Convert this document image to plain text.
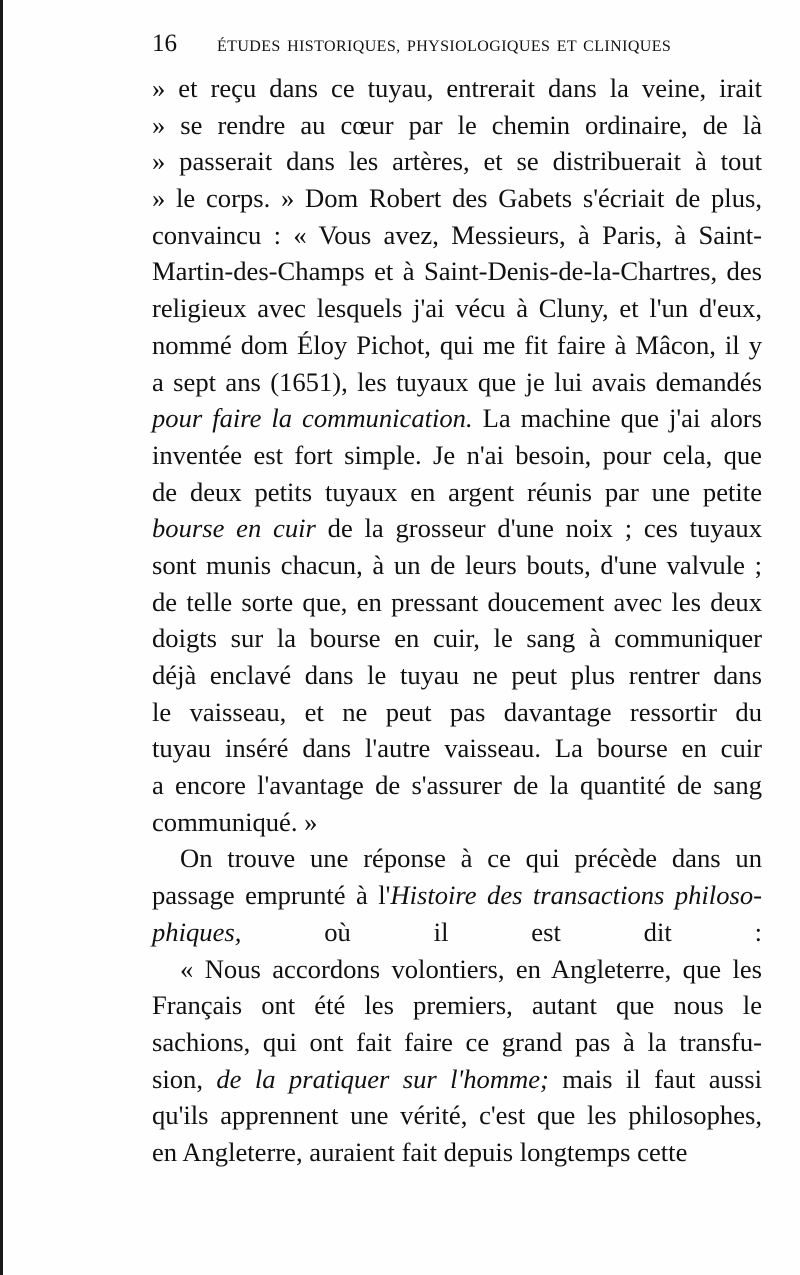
16	ÉTUDES HISTORIQUES, PHYSIOLOGIQUES ET CLINIQUES
» et reçu dans ce tuyau, entrerait dans la veine, irait
» se rendre au cœur par le chemin ordinaire, de là
» passerait dans les artères, et se distribuerait à tout
» le corps. » Dom Robert des Gabets s'écriait de plus,
convaincu : « Vous avez, Messieurs, à Paris, à Saint-
Martin-des-Champs et à Saint-Denis-de-la-Chartres, des
religieux avec lesquels j'ai vécu à Cluny, et l'un d'eux,
nommé dom Éloy Pichot, qui me fit faire à Mâcon, il y
a sept ans (1651), les tuyaux que je lui avais demandés
pour faire la communication. La machine que j'ai alors
inventée est fort simple. Je n'ai besoin, pour cela, que
de deux petits tuyaux en argent réunis par une petite
bourse en cuir de la grosseur d'une noix ; ces tuyaux
sont munis chacun, à un de leurs bouts, d'une valvule ;
de telle sorte que, en pressant doucement avec les deux
doigts sur la bourse en cuir, le sang à communiquer
déjà enclavé dans le tuyau ne peut plus rentrer dans
le vaisseau, et ne peut pas davantage ressortir du
tuyau inséré dans l'autre vaisseau. La bourse en cuir
a encore l'avantage de s'assurer de la quantité de sang
communiqué. »
On trouve une réponse à ce qui précède dans un
passage emprunté à l'Histoire des transactions philoso-
phiques, où il est dit :
« Nous accordons volontiers, en Angleterre, que les
Français ont été les premiers, autant que nous le
sachions, qui ont fait faire ce grand pas à la transfu-
sion, de la pratiquer sur l'homme; mais il faut aussi
qu'ils apprennent une vérité, c'est que les philosophes,
en Angleterre, auraient fait depuis longtemps cette
